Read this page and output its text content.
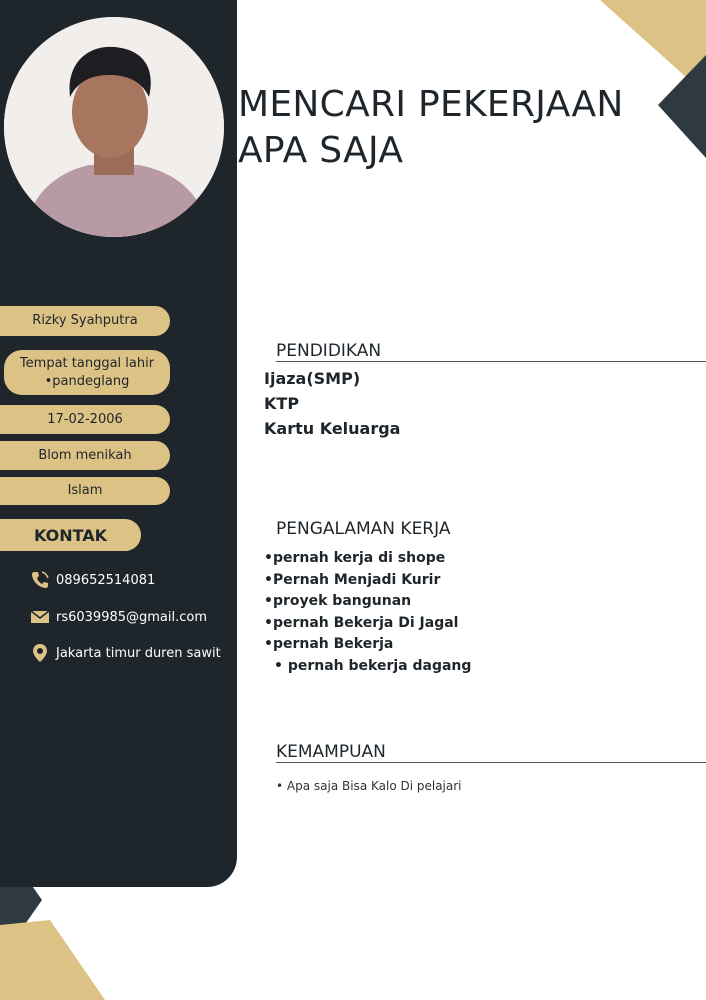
Rizky Syahputra
Tempat tanggal lahir
•pandeglang
17-02-2006
Blom menikah
Islam
KONTAK
089652514081
rs6039985@gmail.com
Jakarta timur duren sawit
MENCARI PEKERJAAN
APA SAJA
PENDIDIKAN
Ijaza(SMP)
KTP
Kartu Keluarga
PENGALAMAN KERJA
•pernah kerja di shope
•Pernah Menjadi Kurir
•proyek bangunan
•pernah Bekerja Di Jagal
•pernah Bekerja
• pernah bekerja dagang
KEMAMPUAN
• Apa saja Bisa Kalo Di pelajari
